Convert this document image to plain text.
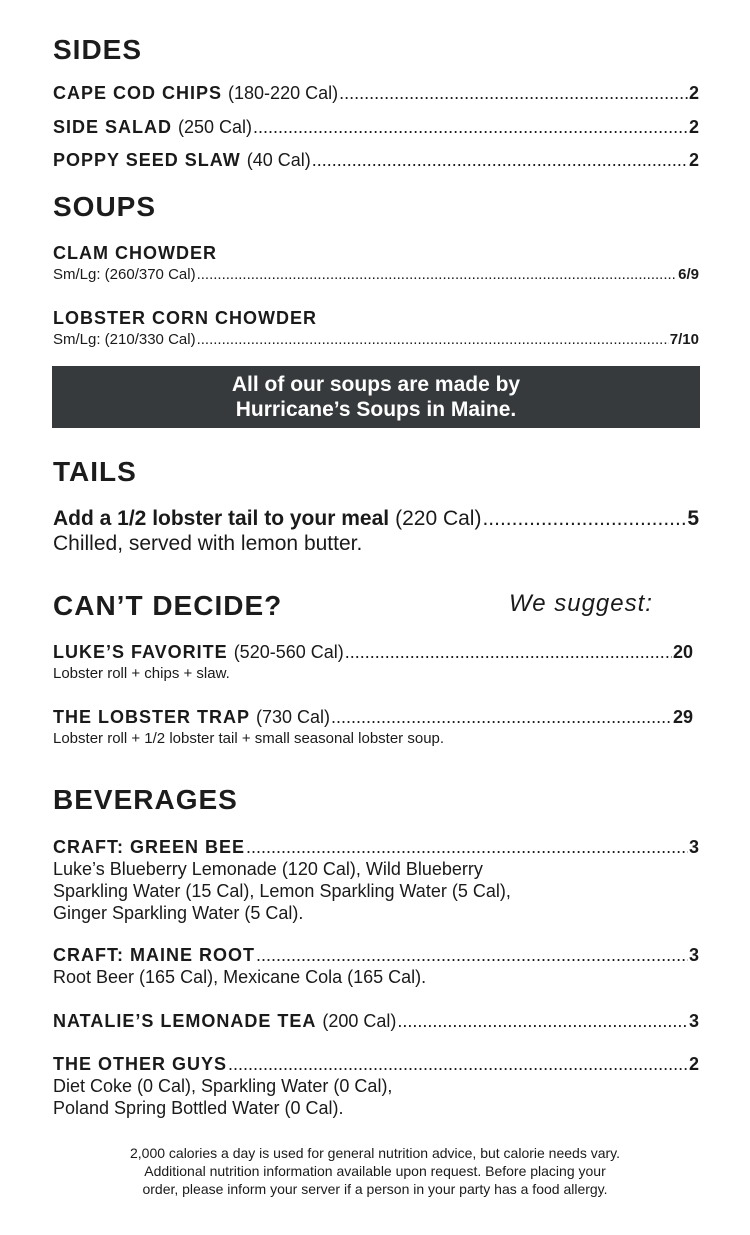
SIDES
CAPE COD CHIPS (180-220 Cal) .....	2
SIDE SALAD (250 Cal) .....	2
POPPY SEED SLAW (40 Cal) .....	2
SOUPS
CLAM CHOWDER
Sm/Lg: (260/370 Cal) .....	6/9
LOBSTER CORN CHOWDER
Sm/Lg: (210/330 Cal) .....	7/10
All of our soups are made by
Hurricane’s Soups in Maine.
TAILS
Add a 1/2 lobster tail to your meal (220 Cal) .....	5
Chilled, served with lemon butter.
CAN’T DECIDE?	We suggest:
LUKE’S FAVORITE (520-560 Cal) .....	20
Lobster roll + chips + slaw.
THE LOBSTER TRAP (730 Cal) .....	29
Lobster roll + 1/2 lobster tail + small seasonal lobster soup.
BEVERAGES
CRAFT: GREEN BEE .....	3
Luke’s Blueberry Lemonade (120 Cal), Wild Blueberry
Sparkling Water (15 Cal), Lemon Sparkling Water (5 Cal),
Ginger Sparkling Water (5 Cal).
CRAFT: MAINE ROOT .....	3
Root Beer (165 Cal), Mexicane Cola (165 Cal).
NATALIE’S LEMONADE TEA (200 Cal) .....	3
THE OTHER GUYS .....	2
Diet Coke (0 Cal), Sparkling Water (0 Cal),
Poland Spring Bottled Water (0 Cal).
2,000 calories a day is used for general nutrition advice, but calorie needs vary.
Additional nutrition information available upon request. Before placing your
order, please inform your server if a person in your party has a food allergy.
